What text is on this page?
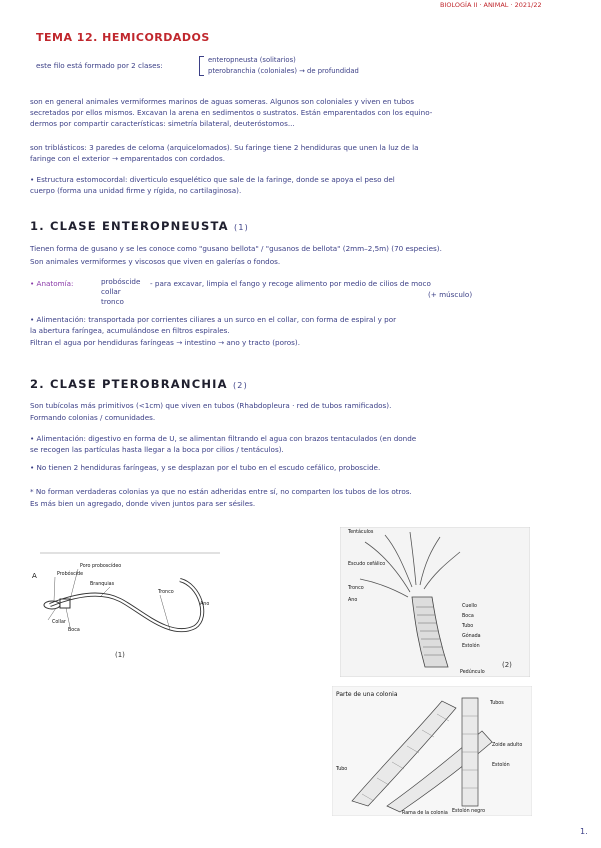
BIOLOGÍA II · ANIMAL · 2021/22
TEMA 12. HEMICORDADOS
este filo está formado por 2 clases:
enteropneusta (solitarios)
pterobranchia (coloniales) → de profundidad
son en general animales vermiformes marinos de aguas someras. Algunos son coloniales y viven en tubos
secretados por ellos mismos. Excavan la arena en sedimentos o sustratos. Están emparentados con los equino-
dermos por compartir características: simetría bilateral, deuteróstomos...
son triblásticos: 3 paredes de celoma (arquicelomados). Su faringe tiene 2 hendiduras que unen la luz de la
faringe con el exterior → emparentados con cordados.
• Estructura estomocordal: diverticulo esquelético que sale de la faringe, donde se apoya el peso del
cuerpo (forma una unidad firme y rígida, no cartilaginosa).
1. CLASE ENTEROPNEUSTA (1)
Tienen forma de gusano y se les conoce como "gusano bellota" / "gusanos de bellota" (2mm–2,5m) (70 especies).
Son animales vermiformes y viscosos que viven en galerías o fondos.
• Anatomía:	probóscide
collar
tronco
- para excavar, limpia el fango y recoge alimento por medio de cilios de moco
(+ músculo)
• Alimentación: transportada por corrientes ciliares a un surco en el collar, con forma de espiral y por
la abertura faríngea, acumulándose en filtros espirales.
Filtran el agua por hendiduras faríngeas → intestino → ano y tracto (poros).
2. CLASE PTEROBRANCHIA (2)
Son tubícolas más primitivos (<1cm) que viven en tubos (Rhabdopleura · red de tubos ramificados).
Formando colonias / comunidades.
• Alimentación: digestivo en forma de U, se alimentan filtrando el agua con brazos tentaculados (en donde
se recogen las partículas hasta llegar a la boca por cilios / tentáculos).
• No tienen 2 hendiduras faríngeas, y se desplazan por el tubo en el escudo cefálico, proboscide.
* No forman verdaderas colonias ya que no están adheridas entre sí, no comparten los tubos de los otros.
Es más bien un agregado, donde viven juntos para ser sésiles.
A	Probóscide
Poro proboscídeo
Collar
Boca
Branquias
Tronco
Ano
(1)
Tentáculos
Escudo cefálico
Tronco
Ano
Pedúnculo
Cuello
Boca
Tubo
Gónada
Estolón
(2)
Parte de una colonia
Tubos
Zoide adulto
Estolón
Rama de la colonia
Tubo
Estolón negro
1.
